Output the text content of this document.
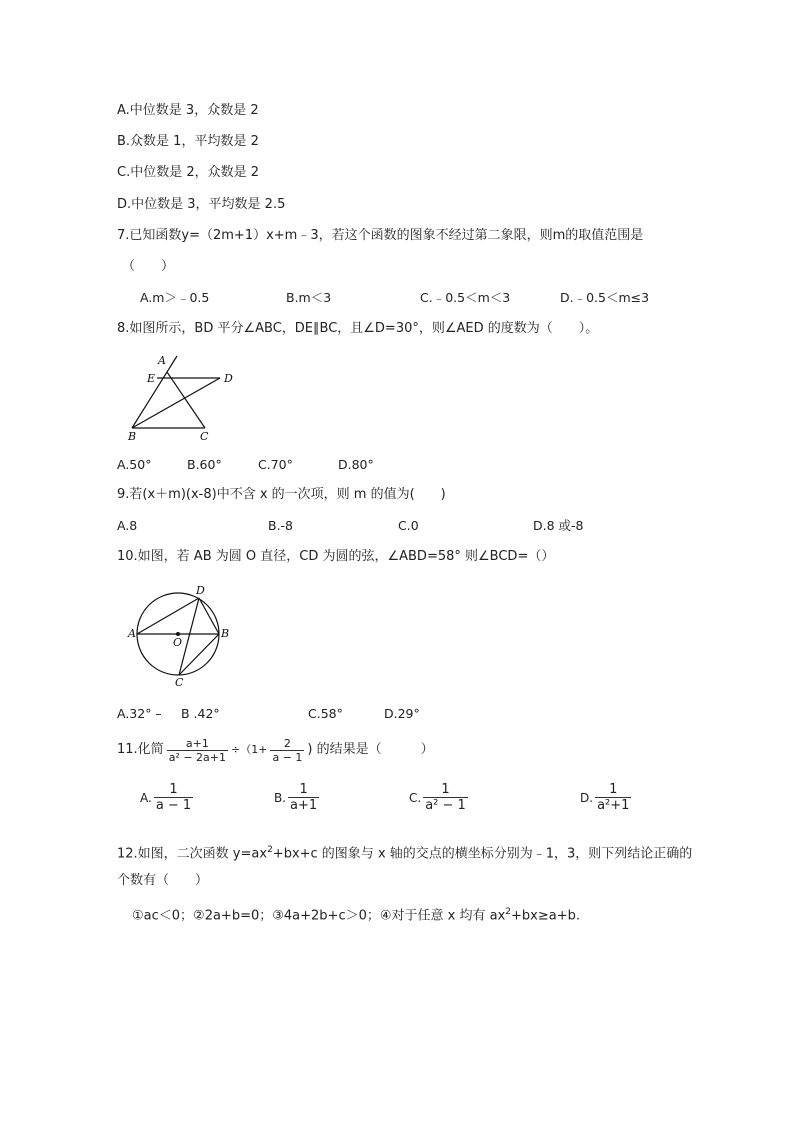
A.中位数是 3，众数是 2
B.众数是 1，平均数是 2
C.中位数是 2，众数是 2
D.中位数是 3，平均数是 2.5
7.已知函数y=（2m+1）x+m﹣3，若这个函数的图象不经过第二象限，则m的取值范围是
（　　）
A.m＞﹣0.5	B.m＜3	C.﹣0.5＜m＜3	D.﹣0.5＜m≤3
8.如图所示，BD 平分∠ABC，DE∥BC，且∠D=30°，则∠AED 的度数为（　　）。
A
E	D
B	C
A.50°	B.60°	C.70°	D.80°
9.若(x＋m)(x-8)中不含 x 的一次项，则 m 的值为(　　)
A.8	B.-8	C.0	D.8 或-8
10.如图，若 AB 为圆 O 直径，CD 为圆的弦，∠ABD=58° 则∠BCD=（）
A	B
D
C
O
A.32° – B .42°	C.58°	D.29°
11.化简 $\frac{a+1}{\text{a² − 2a+1}} \div(1+ \frac{2}{a - 1}$ ) 的结果是（　　　）
A. $\frac{1}{a - 1}$	B. $\frac{1}{a+1}$	C. $\frac{1}{\text{a² − 1}}$	D. $\frac{1}{\text{a²+1}}$
12.如图，二次函数 $y=ax^2+bx+c$ 的图象与 x 轴的交点的横坐标分别为﹣1，3，则下列结论正确的
个数有（　　）
①ac＜0；②2a+b=0；③4a+2b+c＞0；④对于任意 x 均有 $ax^2+bx\ge a+b$.
